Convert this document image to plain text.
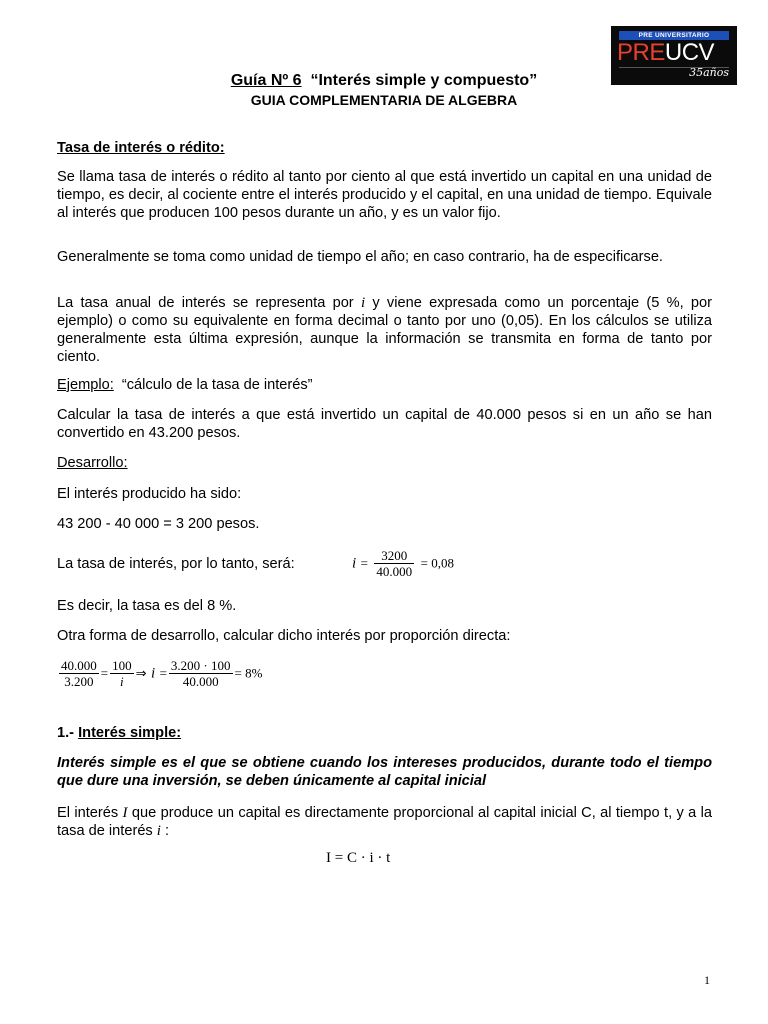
PRE UNIVERSITARIO
PREUCV
35años
Guía Nº 6 “Interés simple y compuesto”
GUIA COMPLEMENTARIA DE ALGEBRA
Tasa de interés o rédito:
Se llama tasa de interés o rédito al tanto por ciento al que está invertido un capital en una unidad de tiempo, es decir, al cociente entre el interés producido y el capital, en una unidad de tiempo. Equivale al interés que producen 100 pesos durante un año, y es un valor fijo.
Generalmente se toma como unidad de tiempo el año; en caso contrario, ha de especificarse.
La tasa anual de interés se representa por i y viene expresada como un porcentaje (5 %, por ejemplo) o como su equivalente en forma decimal o tanto por uno (0,05). En los cálculos se utiliza generalmente esta última expresión, aunque la información se transmita en forma de tanto por ciento.
Ejemplo: “cálculo de la tasa de interés”
Calcular la tasa de interés a que está invertido un capital de 40.000 pesos si en un año se han convertido en 43.200 pesos.
Desarrollo:
El interés producido ha sido:
43 200 - 40 000 = 3 200 pesos.
La tasa de interés, por lo tanto, será:	$i = \frac{3200}{40.000} = 0,08$
Es decir, la tasa es del 8 %.
Otra forma de desarrollo, calcular dicho interés por proporción directa:
$\frac{40.000}{3.200} = \frac{100}{i}$ ⇒ $i = \frac{3.200 \cdot 100}{40.000} = 8\%$
1.- Interés simple:
Interés simple es el que se obtiene cuando los intereses producidos, durante todo el tiempo que dure una inversión, se deben únicamente al capital inicial
El interés I que produce un capital es directamente proporcional al capital inicial C, al tiempo t, y a la tasa de interés i :
I = C · i · t
1
